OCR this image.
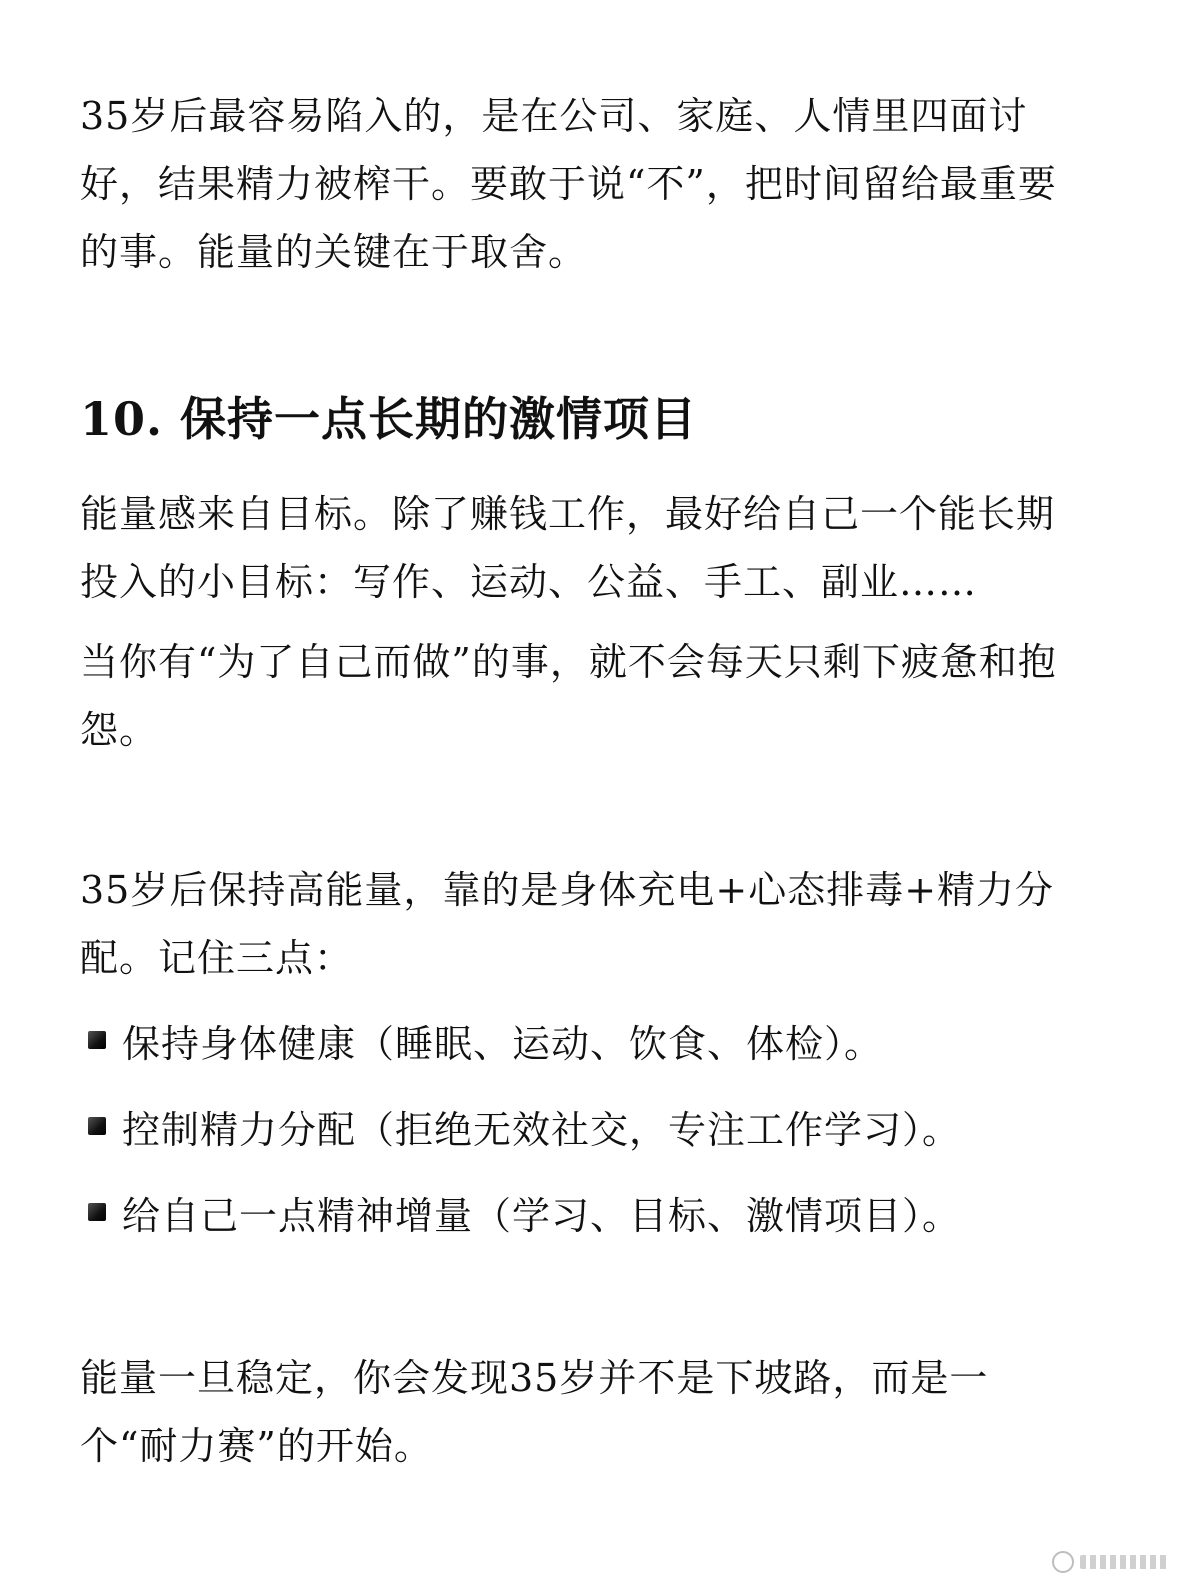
35岁后最容易陷入的，是在公司、家庭、人情里四面讨好，结果精力被榨干。要敢于说“不”，把时间留给最重要的事。能量的关键在于取舍。

10. 保持一点长期的激情项目

能量感来自目标。除了赚钱工作，最好给自己一个能长期投入的小目标：写作、运动、公益、手工、副业……

当你有“为了自己而做”的事，就不会每天只剩下疲惫和抱怨。

35岁后保持高能量，靠的是身体充电+心态排毒+精力分配。记住三点：

保持身体健康（睡眠、运动、饮食、体检）。
控制精力分配（拒绝无效社交，专注工作学习）。
给自己一点精神增量（学习、目标、激情项目）。

能量一旦稳定，你会发现35岁并不是下坡路，而是一个“耐力赛”的开始。
